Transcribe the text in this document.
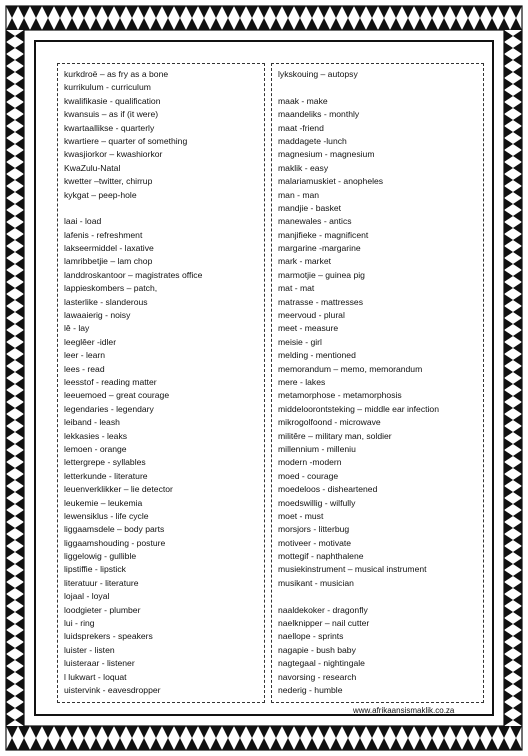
kurkdroë – as fry as a bone
kurrikulum - curriculum
kwalifikasie - qualification
kwansuis – as if (it were)
kwartaallikse - quarterly
kwartiere – quarter of something
kwasjiorkor – kwashiorkor
KwaZulu-Natal
kwetter –twitter, chirrup
kykgat – peep-hole
laai - load
lafenis - refreshment
lakseermiddel - laxative
lamribbetjie – lam chop
landdroskantoor – magistrates office
lappieskombers – patch,
lasterlike - slanderous
lawaaierig - noisy
lê - lay
leeglêer -idler
leer - learn
lees - read
leesstof - reading matter
leeuemoed – great courage
legendaries - legendary
leiband - leash
lekkasies - leaks
lemoen - orange
lettergrepe - syllables
letterkunde - literature
leuenverklikker – lie detector
leukemie – leukemia
lewensiklus - life cycle
liggaamsdele – body parts
liggaamshouding - posture
liggelowig - gullible
lipstiffie - lipstick
literatuur - literature
lojaal - loyal
loodgieter - plumber
lui - ring
luidsprekers - speakers
luister - listen
luisteraar - listener
l lukwart - loquat
uistervink - eavesdropper
lykskouing – autopsy
maak - make
maandeliks - monthly
maat -friend
maddagete -lunch
magnesium - magnesium
maklik - easy
malariamuskiet - anopheles
man - man
mandjie - basket
manewales - antics
manjifieke - magnificent
margarine -margarine
mark - market
marmotjie – guinea pig
mat - mat
matrasse - mattresses
meervoud - plural
meet - measure
meisie - girl
melding - mentioned
memorandum – memo, memorandum
mere - lakes
metamorphose - metamorphosis
middeloorontsteking – middle ear infection
mikrogolfoond - microwave
militêre – military man, soldier
millennium - milleniu
modern -modern
moed - courage
moedeloos - disheartened
moedswillig - wilfully
moet - must
morsjors - litterbug
motiveer - motivate
mottegif - naphthalene
musiekinstrument – musical instrument
musikant - musician
naaldekoker - dragonfly
naelknipper – nail cutter
naellope - sprints
nagapie - bush baby
nagtegaal - nightingale
navorsing - research
nederig - humble
www.afrikaansismaklik.co.za
